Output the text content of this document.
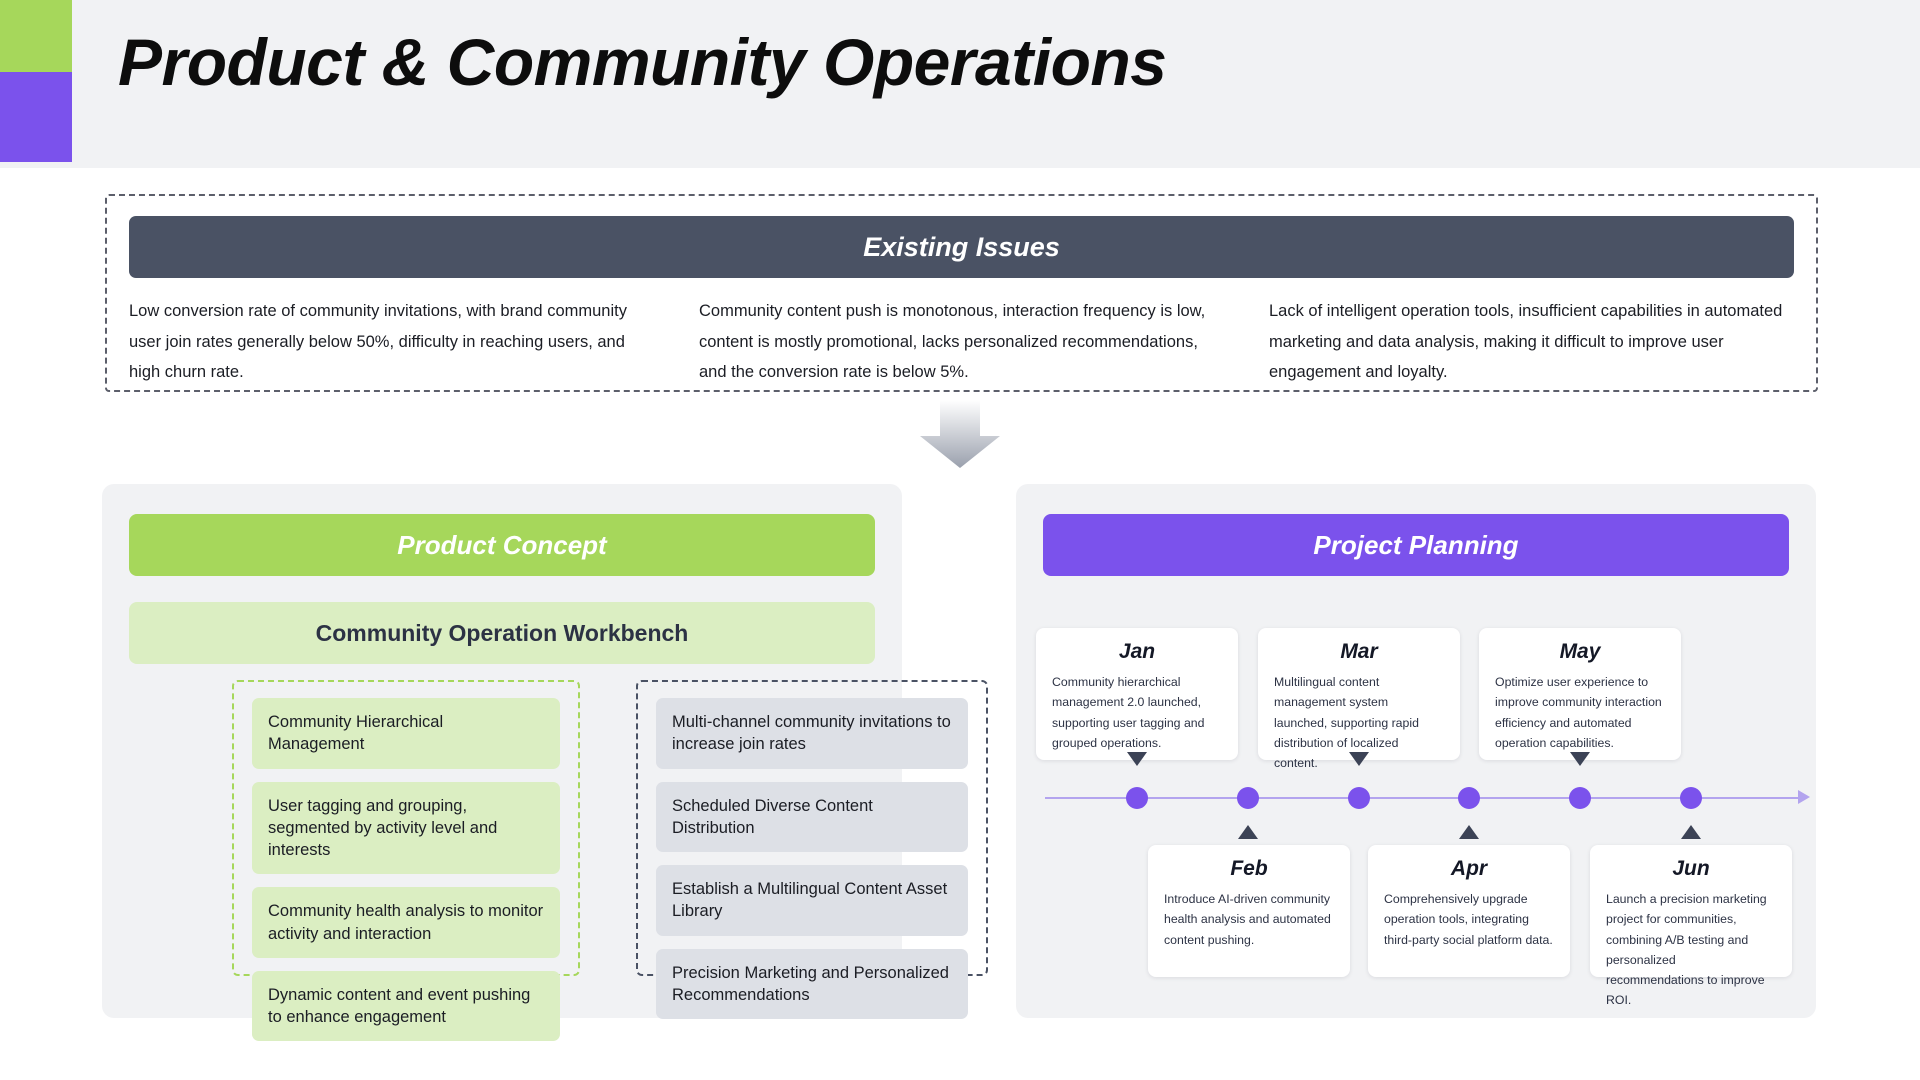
Product & Community Operations
Existing Issues
Low conversion rate of community invitations, with brand community user join rates generally below 50%, difficulty in reaching users, and high churn rate.
Community content push is monotonous, interaction frequency is low, content is mostly promotional, lacks personalized recommendations, and the conversion rate is below 5%.
Lack of intelligent operation tools, insufficient capabilities in automated marketing and data analysis, making it difficult to improve user engagement and loyalty.
Product Concept
Community Operation Workbench
Community Hierarchical Management
User tagging and grouping, segmented by activity level and interests
Community health analysis to monitor activity and interaction
Dynamic content and event pushing to enhance engagement
Multi-channel community invitations to increase join rates
Scheduled Diverse Content Distribution
Establish a Multilingual Content Asset Library
Precision Marketing and Personalized Recommendations
Project Planning
Jan
Community hierarchical management 2.0 launched, supporting user tagging and grouped operations.
Mar
Multilingual content management system launched, supporting rapid distribution of localized content.
May
Optimize user experience to improve community interaction efficiency and automated operation capabilities.
Feb
Introduce AI-driven community health analysis and automated content pushing.
Apr
Comprehensively upgrade operation tools, integrating third-party social platform data.
Jun
Launch a precision marketing project for communities, combining A/B testing and personalized recommendations to improve ROI.
